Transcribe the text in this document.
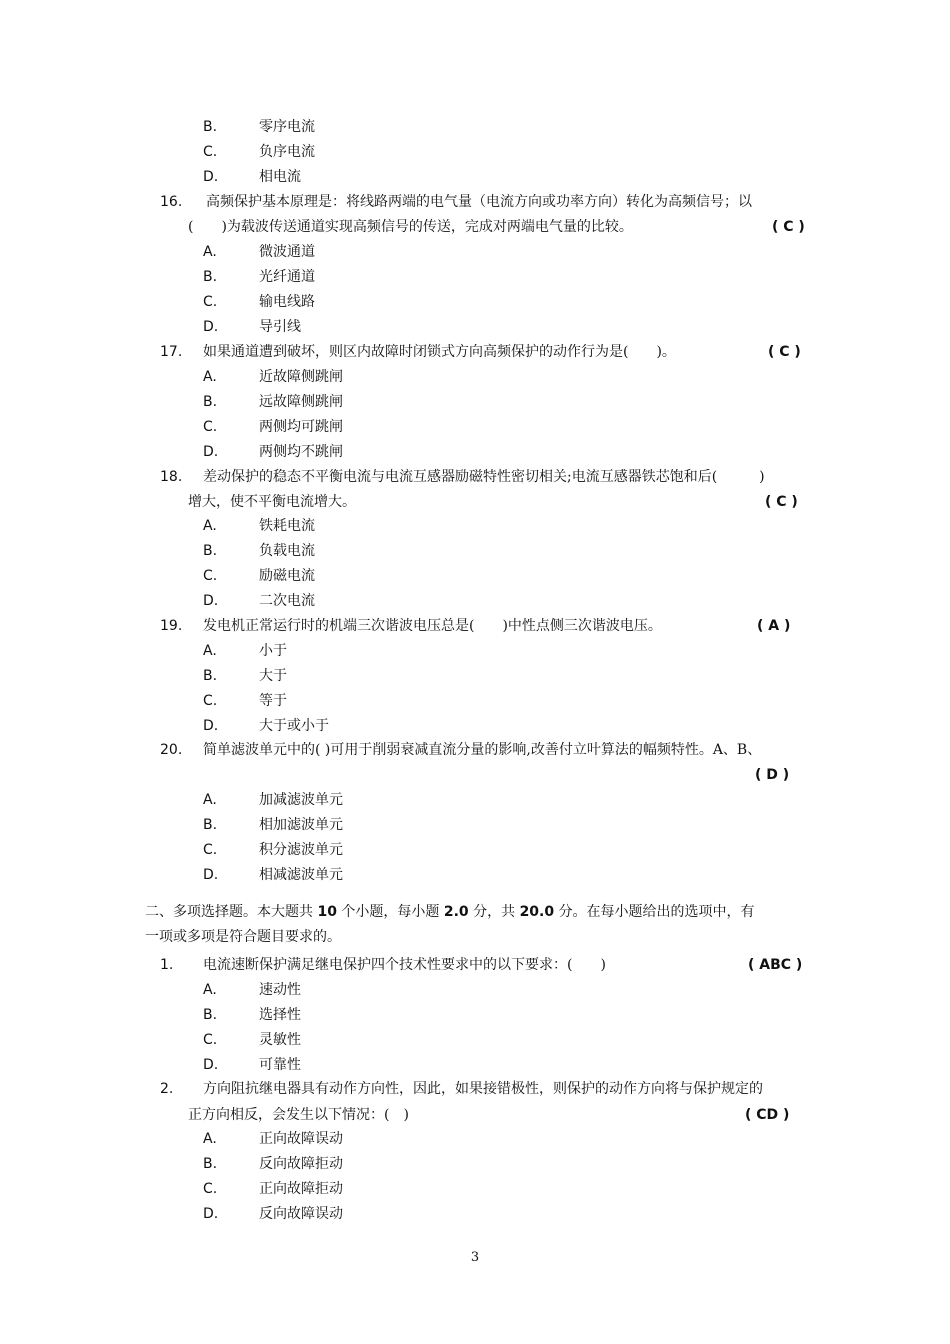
B.	零序电流
C.	负序电流
D.	相电流
16. 高频保护基本原理是：将线路两端的电气量（电流方向或功率方向）转化为高频信号；以
(　　)为载波传送通道实现高频信号的传送，完成对两端电气量的比较。	( C )
A.	微波通道
B.	光纤通道
C.	输电线路
D.	导引线
17. 如果通道遭到破坏，则区内故障时闭锁式方向高频保护的动作行为是(　　)。	( C )
A.	近故障侧跳闸
B.	远故障侧跳闸
C.	两侧均可跳闸
D.	两侧均不跳闸
18. 差动保护的稳态不平衡电流与电流互感器励磁特性密切相关;电流互感器铁芯饱和后(　　　)
增大，使不平衡电流增大。	( C )
A.	铁耗电流
B.	负载电流
C.	励磁电流
D.	二次电流
19. 发电机正常运行时的机端三次谐波电压总是(　　)中性点侧三次谐波电压。	( A )
A.	小于
B.	大于
C.	等于
D.	大于或小于
20. 简单滤波单元中的( )可用于削弱衰减直流分量的影响,改善付立叶算法的幅频特性。A、B、
( D )
A.	加减滤波单元
B.	相加滤波单元
C.	积分滤波单元
D.	相减滤波单元
二、多项选择题。本大题共 10 个小题，每小题 2.0 分，共 20.0 分。在每小题给出的选项中，有
一项或多项是符合题目要求的。
1. 电流速断保护满足继电保护四个技术性要求中的以下要求：(　　)	( ABC )
A.	速动性
B.	选择性
C.	灵敏性
D.	可靠性
2. 方向阻抗继电器具有动作方向性，因此，如果接错极性，则保护的动作方向将与保护规定的
正方向相反，会发生以下情况：(　)	( CD )
A.	正向故障误动
B.	反向故障拒动
C.	正向故障拒动
D.	反向故障误动
3
